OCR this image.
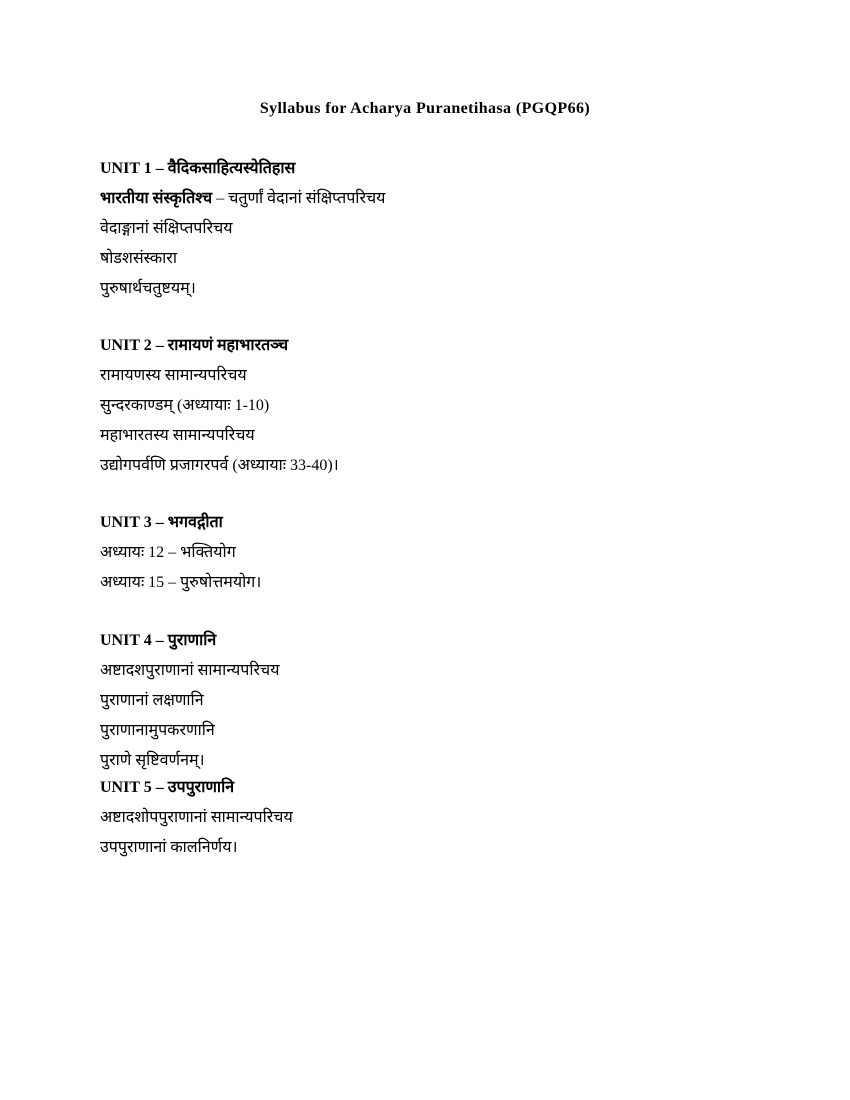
Syllabus for Acharya Puranetihasa (PGQP66)
UNIT 1 – वैदिकसाहित्यस्येतिहास
भारतीया संस्कृतिश्च – चतुर्णां वेदानां संक्षिप्तपरिचय
वेदाङ्गानां संक्षिप्तपरिचय
षोडशसंस्कारा
पुरुषार्थचतुष्टयम्।
UNIT 2 – रामायणं महाभारतञ्च
रामायणस्य सामान्यपरिचय
सुन्दरकाण्डम् (अध्यायाः 1-10)
महाभारतस्य सामान्यपरिचय
उद्योगपर्वणि प्रजागरपर्व (अध्यायाः 33-40)।
UNIT 3 – भगवद्गीता
अध्यायः 12 – भक्तियोग
अध्यायः 15 – पुरुषोत्तमयोग।
UNIT 4 – पुराणानि
अष्टादशपुराणानां सामान्यपरिचय
पुराणानां लक्षणानि
पुराणानामुपकरणानि
पुराणे सृष्टिवर्णनम्।
UNIT 5 – उपपुराणानि
अष्टादशोपपुराणानां सामान्यपरिचय
उपपुराणानां कालनिर्णय।
